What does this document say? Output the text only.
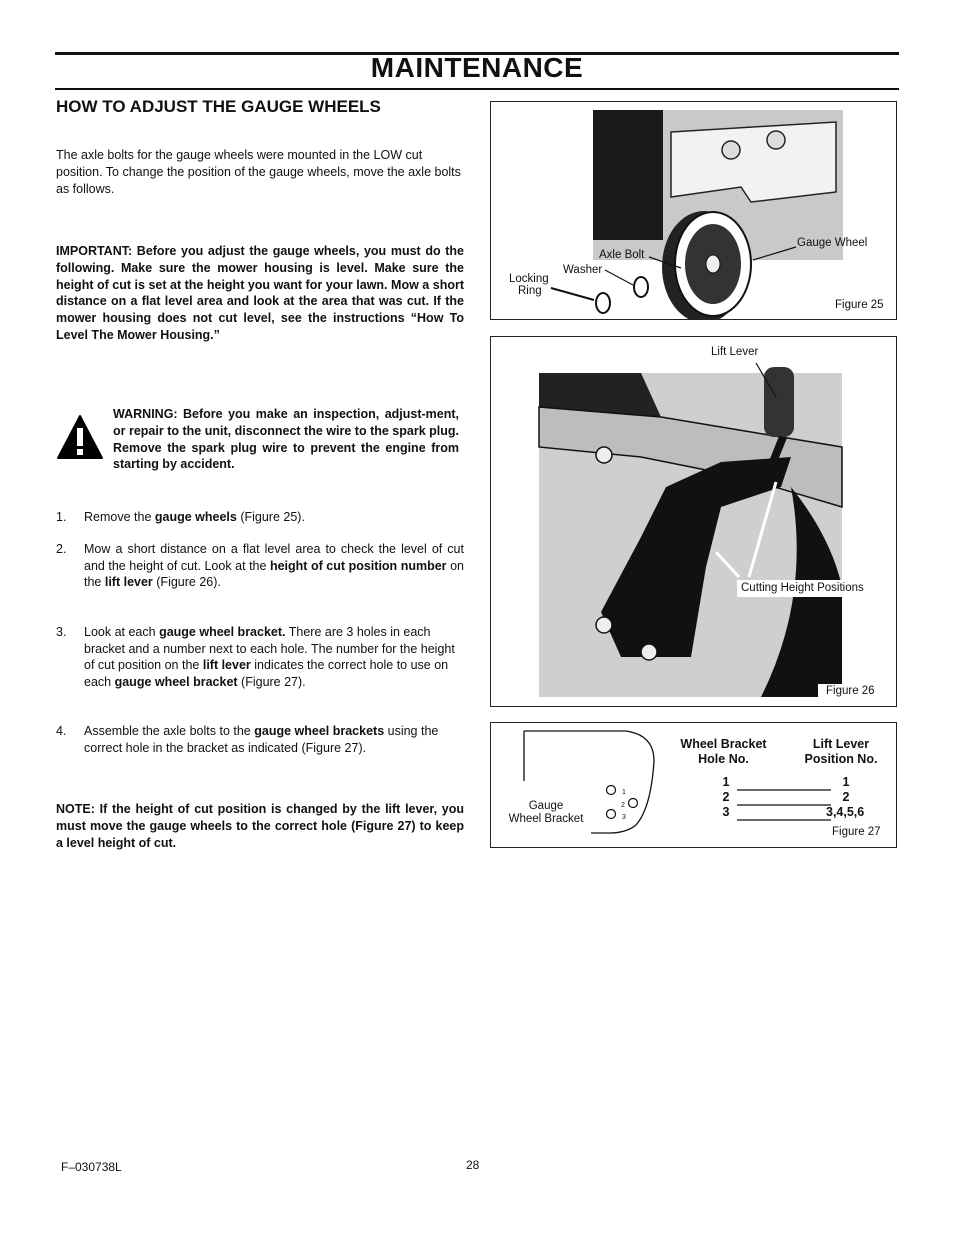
MAINTENANCE
HOW TO ADJUST THE GAUGE WHEELS
The axle bolts for the gauge wheels were mounted in the LOW cut position. To change the position of the gauge wheels, move the axle bolts as follows.
IMPORTANT: Before you adjust the gauge wheels, you must do the following. Make sure the mower housing is level. Make sure the height of cut is set at the height you want for your lawn. Mow a short distance on a flat level area and look at the area that was cut. If the mower housing does not cut level, see the instructions “How To Level The Mower Housing.”
WARNING: Before you make an inspection, adjust-ment, or repair to the unit, disconnect the wire to the spark plug. Remove the spark plug wire to prevent the engine from starting by accident.
1. Remove the gauge wheels (Figure 25).
2. Mow a short distance on a flat level area to check the level of cut and the height of cut. Look at the height of cut position number on the lift lever (Figure 26).
3. Look at each gauge wheel bracket. There are 3 holes in each bracket and a number next to each hole. The number for the height of cut position on the lift lever indicates the correct hole to use on each gauge wheel bracket (Figure 27).
4. Assemble the axle bolts to the gauge wheel brackets using the correct hole in the bracket as indicated (Figure 27).
NOTE: If the height of cut position is changed by the lift lever, you must move the gauge wheels to the correct hole (Figure 27) to keep a level height of cut.
Gauge Wheel
Axle Bolt
Washer
Locking
Ring
Figure 25
Lift Lever
Cutting Height Positions
Figure 26
1
2
3
Gauge
Wheel Bracket
Wheel Bracket
Hole No.
Lift Lever
Position No.
1
2
3
1
2
3,4,5,6
Figure 27
F–030738L	28
